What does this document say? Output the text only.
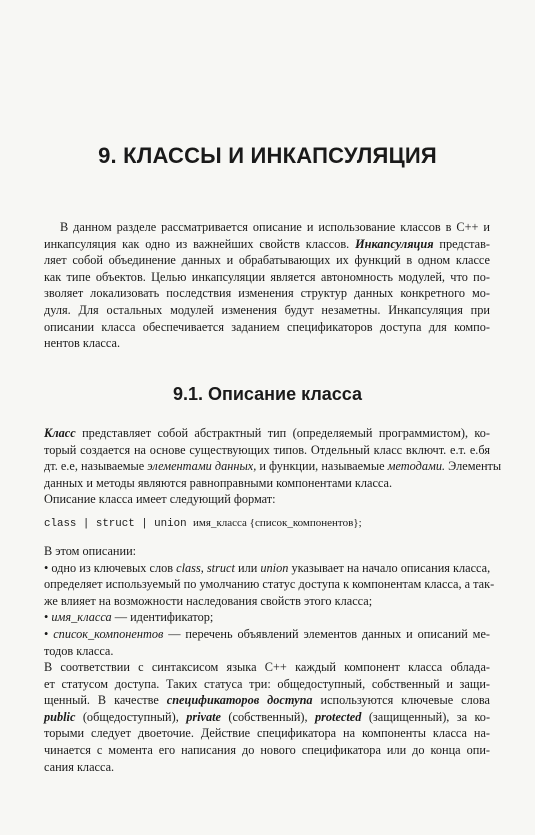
9. КЛАССЫ И ИНКАПСУЛЯЦИЯ
В данном разделе рассматривается описание и использование классов в С++ и
инкапсуляция как одно из важнейших свойств классов. Инкапсуляция представ-
ляет собой объединение данных и обрабатывающих их функций в одном классе
как типе объектов. Целью инкапсуляции является автономность модулей, что по-
зволяет локализовать последствия изменения структур данных конкретного мо-
дуля. Для остальных модулей изменения будут незаметны. Инкапсуляция при
описании класса обеспечивается заданием спецификаторов доступа для компо-
нентов класса.
9.1. Описание класса
Класс представляет собой абстрактный тип (определяемый программистом), ко-
торый создается на основе существующих типов. Отдельный класс включт. е.т. е.бя
дт. е.е, называемые элементами данных, и функции, называемые методами. Элементы
данных и методы являются равноправными компонентами класса.
Описание класса имеет следующий формат:
class | struct | union имя_класса {список_компонентов};
В этом описании:
• одно из ключевых слов class, struct или union указывает на начало описания класса,
определяет используемый по умолчанию статус доступа к компонентам класса, а так-
же влияет на возможности наследования свойств этого класса;
• имя_класса — идентификатор;
• список_компонентов — перечень объявлений элементов данных и описаний ме-
тодов класса.
В соответствии с синтаксисом языка С++ каждый компонент класса облада-
ет статусом доступа. Таких статуса три: общедоступный, собственный и защи-
щенный. В качестве спецификаторов доступа используются ключевые слова
public (общедоступный), private (собственный), protected (защищенный), за ко-
торыми следует двоеточие. Действие спецификатора на компоненты класса на-
чинается с момента его написания до нового спецификатора или до конца опи-
сания класса.
